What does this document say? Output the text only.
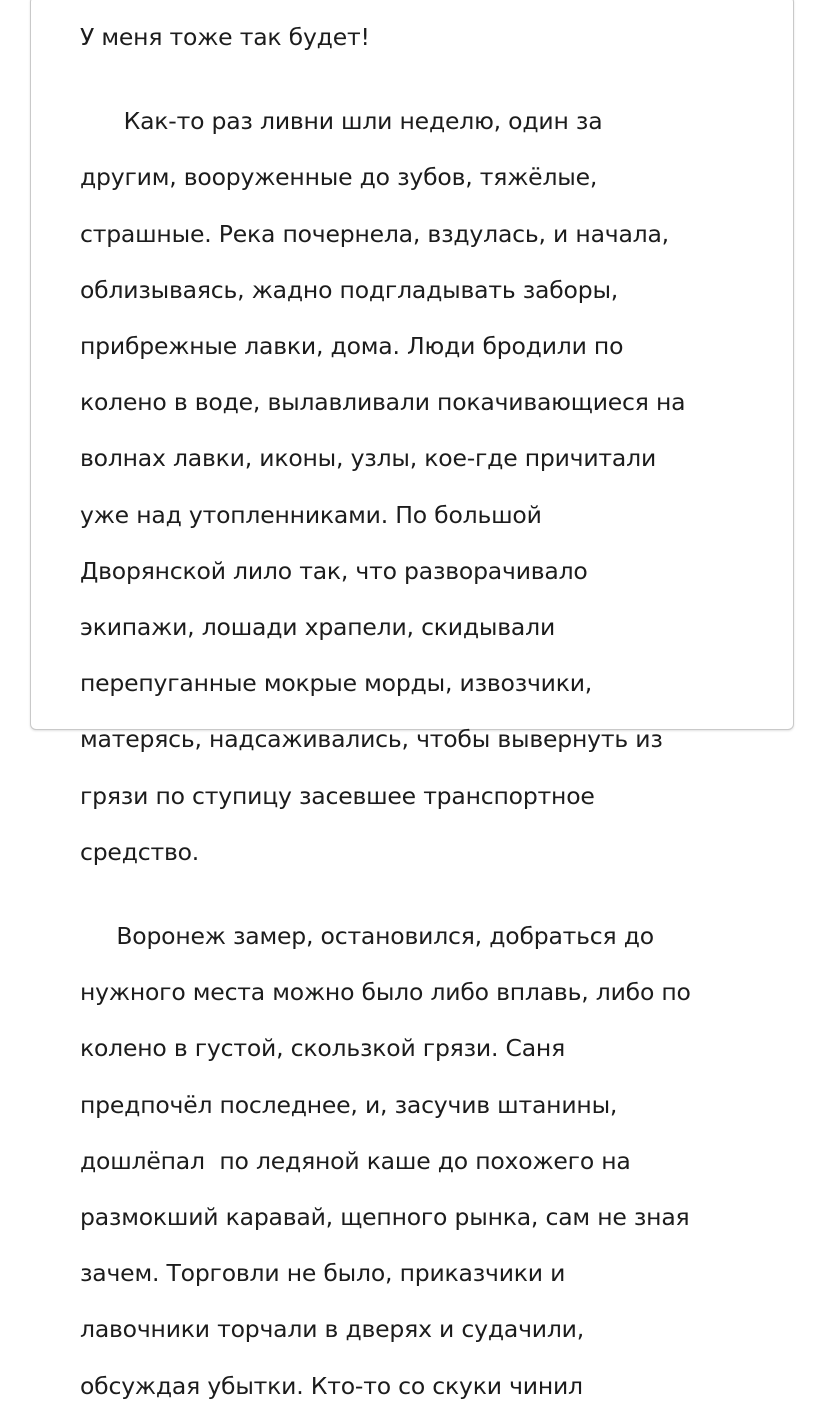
У меня тоже так будет!

Как-то раз ливни шли неделю, один за

другим, вооруженные до зубов, тяжёлые,

страшные. Река почернела, вздулась, и начала,

облизываясь, жадно подгладывать заборы,

прибрежные лавки, дома. Люди бродили по

колено в воде, вылавливали покачивающиеся на

волнах лавки, иконы, узлы, кое-где причитали

уже над утопленниками. По большой

Дворянской лило так, что разворачивало

экипажи, лошади храпели, скидывали

перепуганные мокрые морды, извозчики,

матерясь, надсаживались, чтобы вывернуть из

грязи по ступицу засевшее транспортное

средство.

Воронеж замер, остановился, добраться до

нужного места можно было либо вплавь, либо по

колено в густой, скользкой грязи. Саня

предпочёл последнее, и, засучив штанины,

дошлёпал  по ледяной каше до похожего на

размокший каравай, щепного рынка, сам не зная

зачем. Торговли не было, приказчики и

лавочники торчали в дверях и судачили,

обсуждая убытки. Кто-то со скуки чинил
